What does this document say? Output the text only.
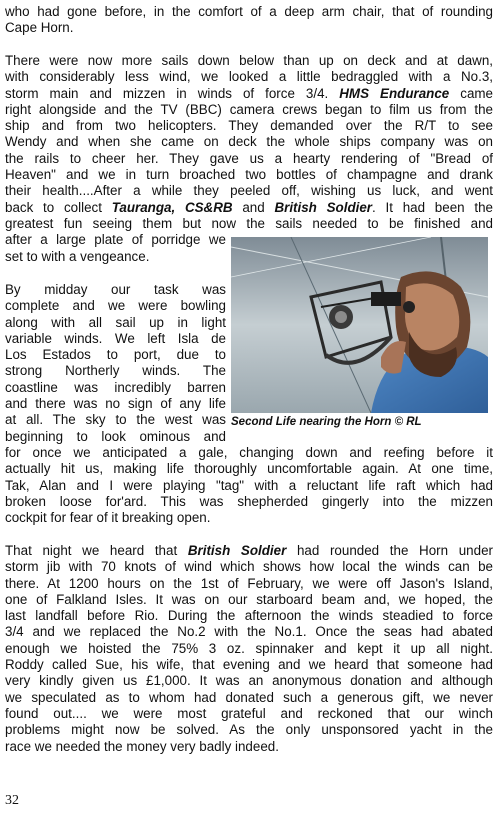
who had gone before, in the comfort of a deep arm chair, that of rounding
Cape Horn.
There were now more sails down below than up on deck and at dawn,
with considerably less wind, we looked a little bedraggled with a No.3,
storm main and mizzen in winds of force 3/4. HMS Endurance came
right alongside and the TV (BBC) camera crews began to film us from the
ship and from two helicopters. They demanded over the R/T to see
Wendy and when she came on deck the whole ships company was on
the rails to cheer her. They gave us a hearty rendering of "Bread of
Heaven" and we in turn broached two bottles of champagne and drank
their health....After a while they peeled off, wishing us luck, and went
back to collect Tauranga, CS&RB and British Soldier. It had been the
greatest fun seeing them but now the sails needed to be finished and
after a large plate of porridge we
set to with a vengeance.
By midday our task was
complete and we were bowling
along with all sail up in light
variable winds. We left Isla de
Los Estados to port, due to
strong Northerly winds. The
coastline was incredibly barren
and there was no sign of any life
at all. The sky to the west was
beginning to look ominous and
for once we anticipated a gale, changing down and reefing before it
actually hit us, making life thoroughly uncomfortable again. At one time,
Tak, Alan and I were playing "tag" with a reluctant life raft which had
broken loose for'ard. This was shepherded gingerly into the mizzen
cockpit for fear of it breaking open.
Second Life nearing the Horn © RL
That night we heard that British Soldier had rounded the Horn under
storm jib with 70 knots of wind which shows how local the winds can be
there. At 1200 hours on the 1st of February, we were off Jason's Island,
one of Falkland Isles. It was on our starboard beam and, we hoped, the
last landfall before Rio. During the afternoon the winds steadied to force
3/4 and we replaced the No.2 with the No.1. Once the seas had abated
enough we hoisted the 75% 3 oz. spinnaker and kept it up all night.
Roddy called Sue, his wife, that evening and we heard that someone had
very kindly given us £1,000. It was an anonymous donation and although
we speculated as to whom had donated such a generous gift, we never
found out.... we were most grateful and reckoned that our winch
problems might now be solved. As the only unsponsored yacht in the
race we needed the money very badly indeed.
32
